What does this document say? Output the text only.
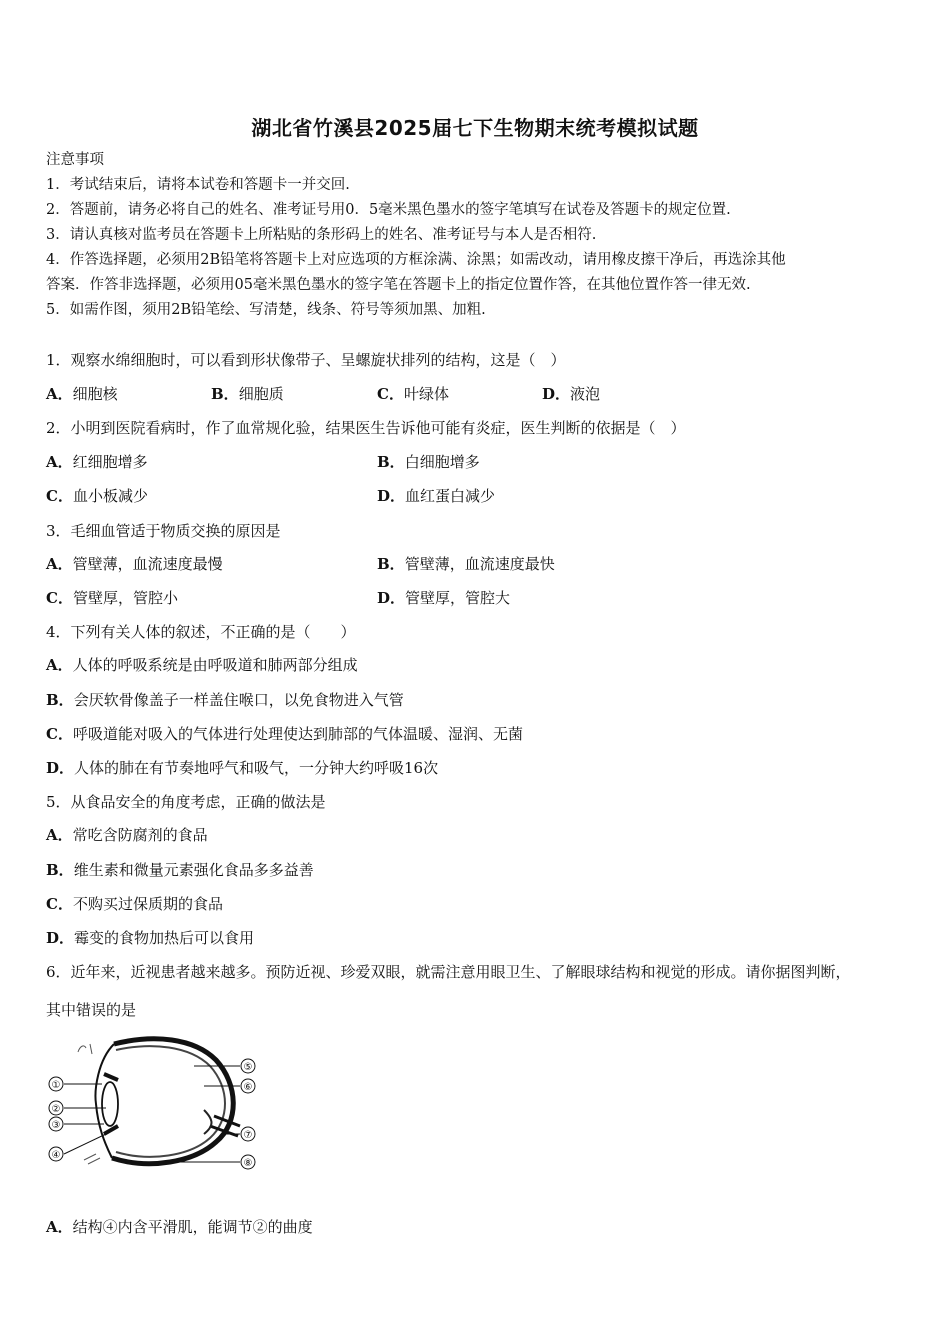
湖北省竹溪县2025届七下生物期末统考模拟试题
注意事项
1．考试结束后，请将本试卷和答题卡一并交回.
2．答题前，请务必将自己的姓名、准考证号用0．5毫米黑色墨水的签字笔填写在试卷及答题卡的规定位置.
3．请认真核对监考员在答题卡上所粘贴的条形码上的姓名、准考证号与本人是否相符.
4．作答选择题，必须用2B铅笔将答题卡上对应选项的方框涂满、涂黑；如需改动，请用橡皮擦干净后，再选涂其他
答案．作答非选择题，必须用05毫米黑色墨水的签字笔在答题卡上的指定位置作答，在其他位置作答一律无效.
5．如需作图，须用2B铅笔绘、写清楚，线条、符号等须加黑、加粗.
1．观察水绵细胞时，可以看到形状像带子、呈螺旋状排列的结构，这是（　）
A．细胞核	B．细胞质	C．叶绿体	D．液泡
2．小明到医院看病时，作了血常规化验，结果医生告诉他可能有炎症，医生判断的依据是（　）
A．红细胞增多	B．白细胞增多
C．血小板减少	D．血红蛋白减少
3．毛细血管适于物质交换的原因是
A．管壁薄，血流速度最慢	B．管壁薄，血流速度最快
C．管壁厚，管腔小	D．管壁厚，管腔大
4．下列有关人体的叙述，不正确的是（　　）
A．人体的呼吸系统是由呼吸道和肺两部分组成
B．会厌软骨像盖子一样盖住喉口，以免食物进入气管
C．呼吸道能对吸入的气体进行处理使达到肺部的气体温暖、湿润、无菌
D．人体的肺在有节奏地呼气和吸气，一分钟大约呼吸16次
5．从食品安全的角度考虑，正确的做法是
A．常吃含防腐剂的食品
B．维生素和微量元素强化食品多多益善
C．不购买过保质期的食品
D．霉变的食物加热后可以食用
6．近年来，近视患者越来越多。预防近视、珍爱双眼，就需注意用眼卫生、了解眼球结构和视觉的形成。请你据图判断，
其中错误的是
①
②
③
④
⑤
⑥
⑦
⑧
A．结构④内含平滑肌，能调节②的曲度
